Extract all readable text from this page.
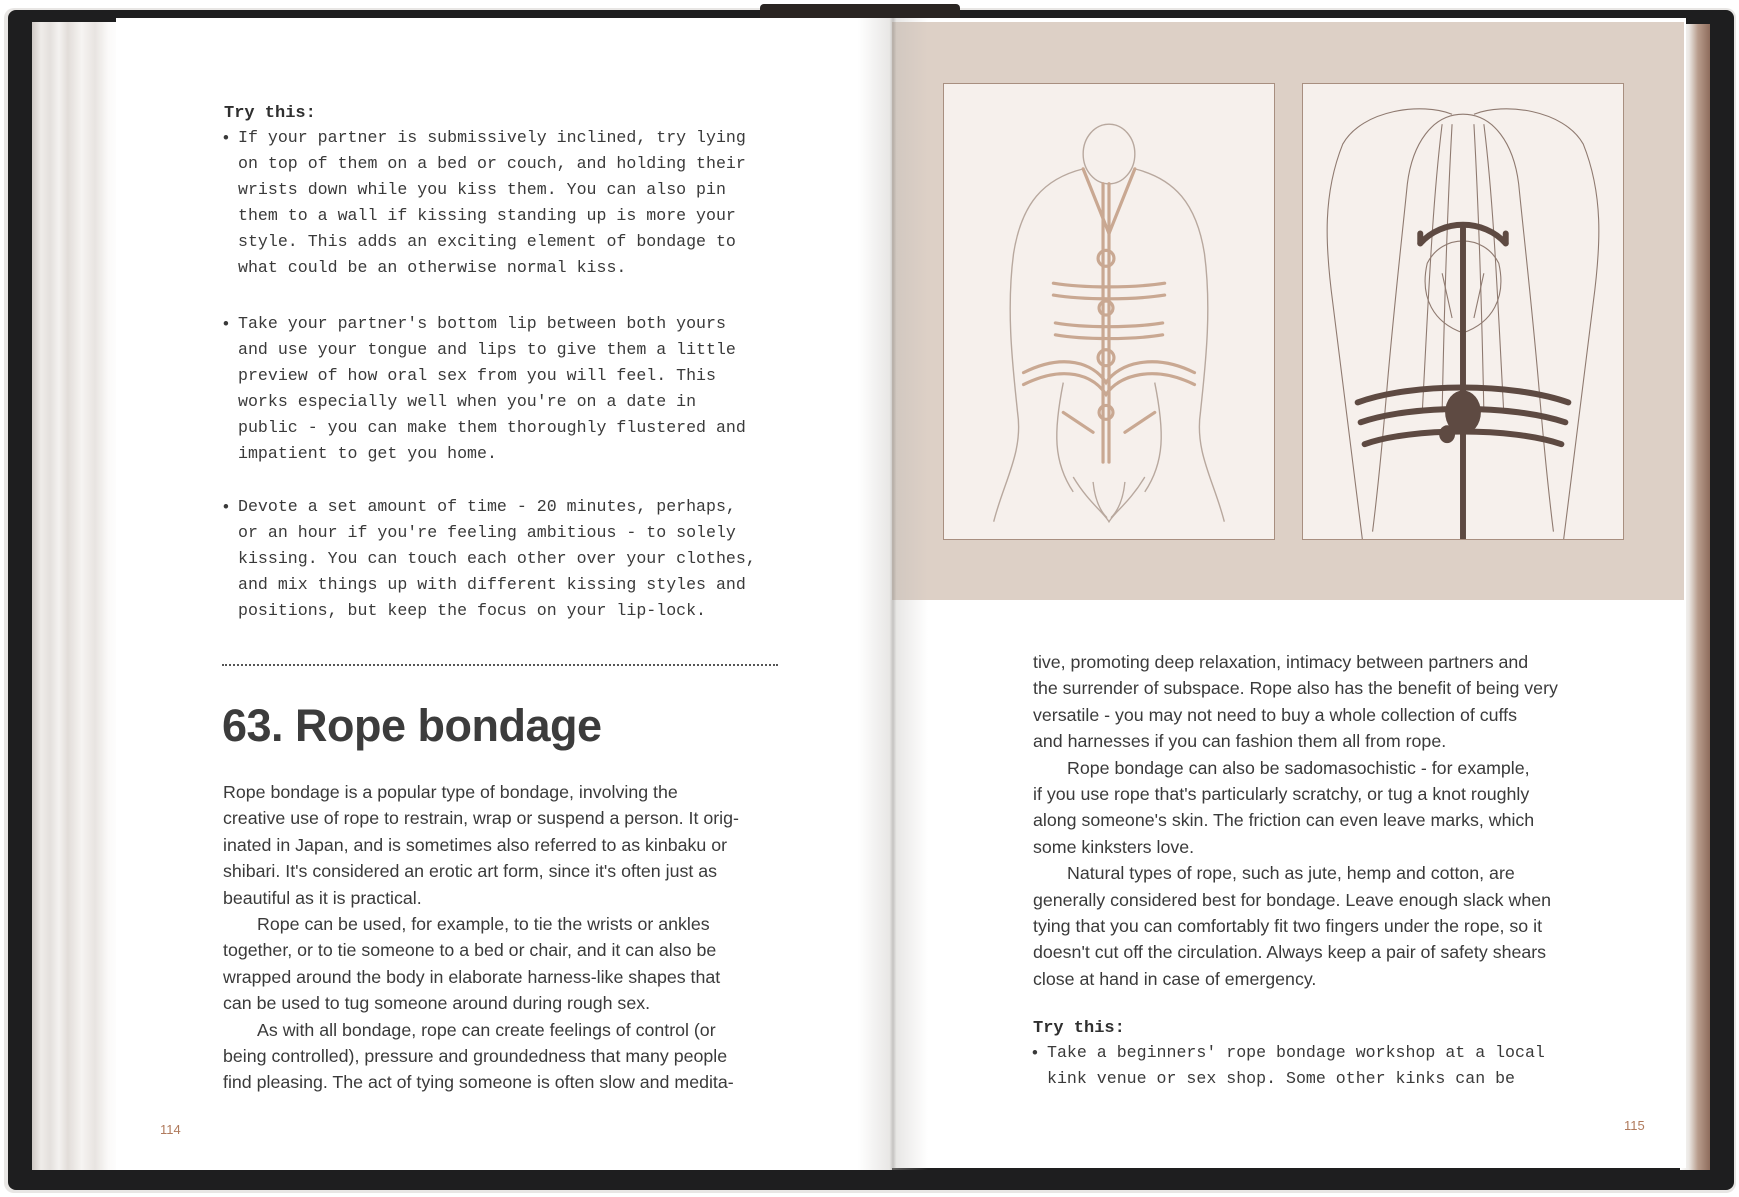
Try this:
• If your partner is submissively inclined, try lying

on top of them on a bed or couch, and holding their

wrists down while you kiss them. You can also pin

them to a wall if kissing standing up is more your

style. This adds an exciting element of bondage to

what could be an otherwise normal kiss.

• Take your partner's bottom lip between both yours

and use your tongue and lips to give them a little

preview of how oral sex from you will feel. This

works especially well when you're on a date in

public - you can make them thoroughly flustered and

impatient to get you home.

• Devote a set amount of time - 20 minutes, perhaps,

or an hour if you're feeling ambitious - to solely

kissing. You can touch each other over your clothes,

and mix things up with different kissing styles and

positions, but keep the focus on your lip-lock.

63. Rope bondage

Rope bondage is a popular type of bondage, involving the

creative use of rope to restrain, wrap or suspend a person. It orig-

inated in Japan, and is sometimes also referred to as kinbaku or

shibari. It's considered an erotic art form, since it's often just as

beautiful as it is practical.

Rope can be used, for example, to tie the wrists or ankles

together, or to tie someone to a bed or chair, and it can also be

wrapped around the body in elaborate harness-like shapes that

can be used to tug someone around during rough sex.

As with all bondage, rope can create feelings of control (or

being controlled), pressure and groundedness that many people

find pleasing. The act of tying someone is often slow and medita-

114

tive, promoting deep relaxation, intimacy between partners and

the surrender of subspace. Rope also has the benefit of being very

versatile - you may not need to buy a whole collection of cuffs

and harnesses if you can fashion them all from rope.

Rope bondage can also be sadomasochistic - for example,

if you use rope that's particularly scratchy, or tug a knot roughly

along someone's skin. The friction can even leave marks, which

some kinksters love.

Natural types of rope, such as jute, hemp and cotton, are

generally considered best for bondage. Leave enough slack when

tying that you can comfortably fit two fingers under the rope, so it

doesn't cut off the circulation. Always keep a pair of safety shears

close at hand in case of emergency.

Try this:
• Take a beginners' rope bondage workshop at a local

kink venue or sex shop. Some other kinks can be

115
